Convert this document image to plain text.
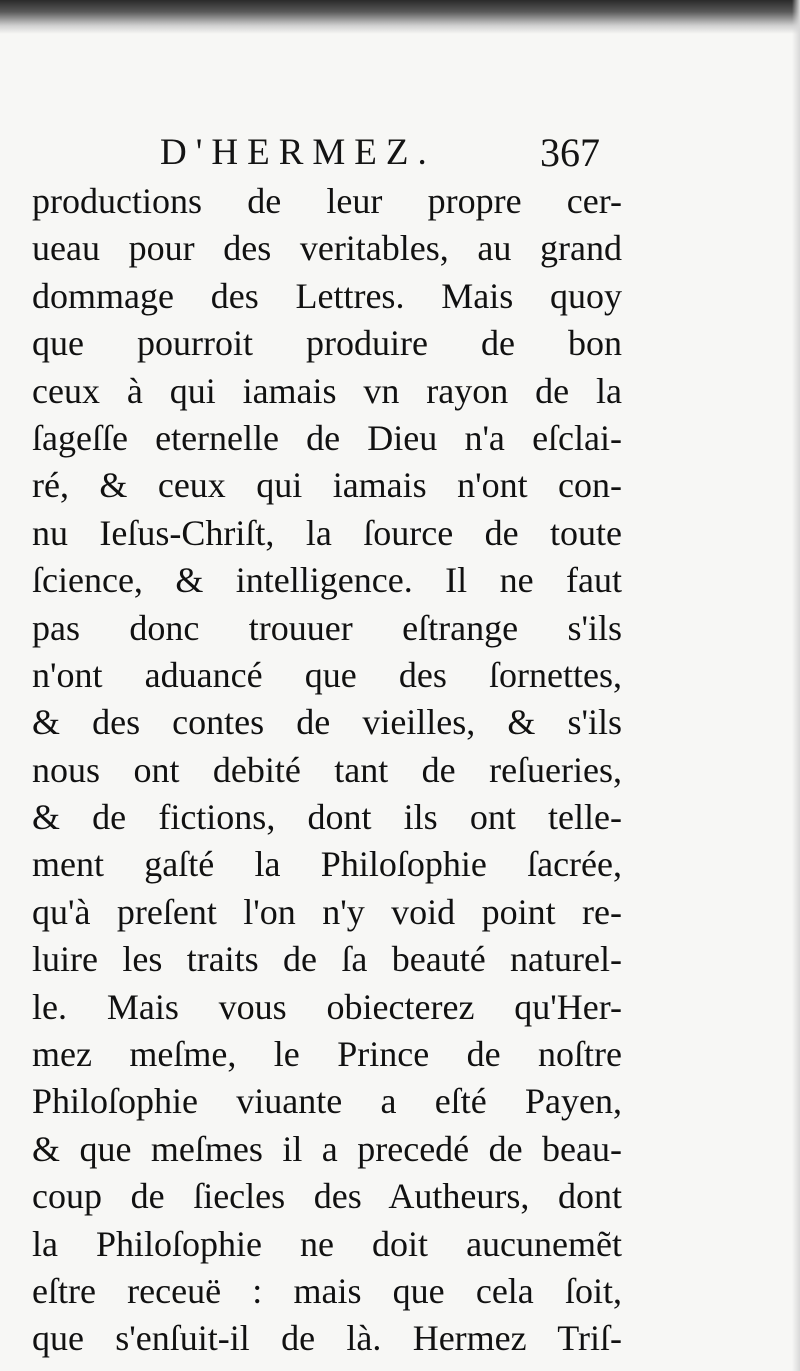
D'HERMEZ.	367
productions de leur propre cer-
ueau pour des veritables, au grand
dommage des Lettres. Mais quoy
que pourroit produire de bon
ceux à qui iamais vn rayon de la
ſageſſe eternelle de Dieu n'a eſclai-
ré, & ceux qui iamais n'ont con-
nu Ieſus-Chriſt, la ſource de toute
ſcience, & intelligence. Il ne faut
pas donc trouuer eſtrange s'ils
n'ont aduancé que des ſornettes,
& des contes de vieilles, & s'ils
nous ont debité tant de reſueries,
& de fictions, dont ils ont telle-
ment gaſté la Philoſophie ſacrée,
qu'à preſent l'on n'y void point re-
luire les traits de ſa beauté naturel-
le. Mais vous obiecterez qu'Her-
mez meſme, le Prince de noſtre
Philoſophie viuante a eſté Payen,
& que meſmes il a precedé de beau-
coup de ſiecles des Autheurs, dont
la Philoſophie ne doit aucunemẽt
eſtre receuë : mais que cela ſoit,
que s'enſuit-il de là. Hermez Triſ-
